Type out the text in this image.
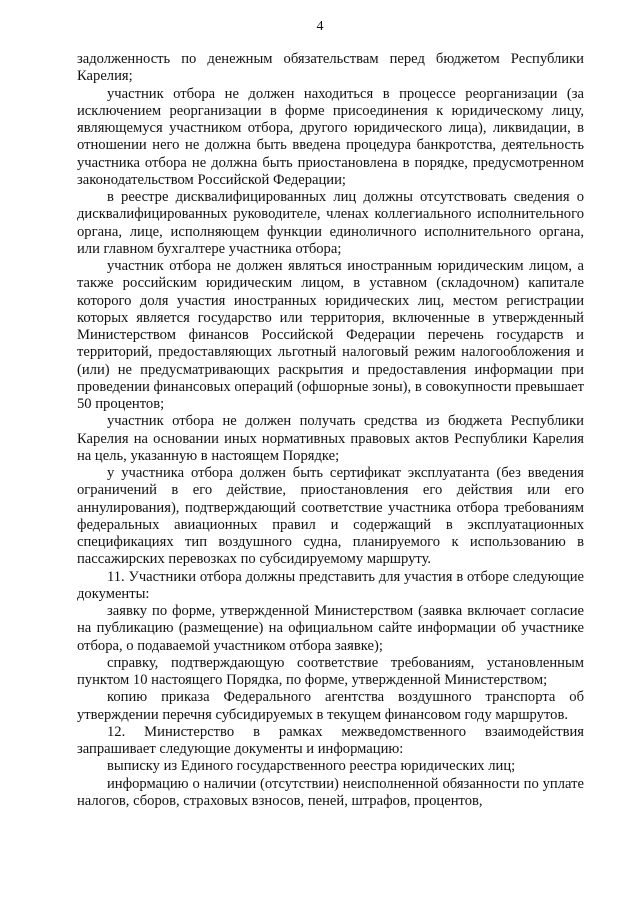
4

задолженность по денежным обязательствам перед бюджетом Республики Карелия;

участник отбора не должен находиться в процессе реорганизации (за исключением реорганизации в форме присоединения к юридическому лицу, являющемуся участником отбора, другого юридического лица), ликвидации, в отношении него не должна быть введена процедура банкротства, деятельность участника отбора не должна быть приостановлена в порядке, предусмотренном законодательством Российской Федерации;

в реестре дисквалифицированных лиц должны отсутствовать сведения о дисквалифицированных руководителе, членах коллегиального исполнительного органа, лице, исполняющем функции единоличного исполнительного органа, или главном бухгалтере участника отбора;

участник отбора не должен являться иностранным юридическим лицом, а также российским юридическим лицом, в уставном (складочном) капитале которого доля участия иностранных юридических лиц, местом регистрации которых является государство или территория, включенные в утвержденный Министерством финансов Российской Федерации перечень государств и территорий, предоставляющих льготный налоговый режим налогообложения и (или) не предусматривающих раскрытия и предоставления информации при проведении финансовых операций (офшорные зоны), в совокупности превышает 50 процентов;

участник отбора не должен получать средства из бюджета Республики Карелия на основании иных нормативных правовых актов Республики Карелия на цель, указанную в настоящем Порядке;

у участника отбора должен быть сертификат эксплуатанта (без введения ограничений в его действие, приостановления его действия или его аннулирования), подтверждающий соответствие участника отбора требованиям федеральных авиационных правил и содержащий в эксплуатационных спецификациях тип воздушного судна, планируемого к использованию в пассажирских перевозках по субсидируемому маршруту.

11. Участники отбора должны представить для участия в отборе следующие документы:

заявку по форме, утвержденной Министерством (заявка включает согласие на публикацию (размещение) на официальном сайте информации об участнике отбора, о подаваемой участником отбора заявке);

справку, подтверждающую соответствие требованиям, установленным пунктом 10 настоящего Порядка, по форме, утвержденной Министерством;

копию приказа Федерального агентства воздушного транспорта об утверждении перечня субсидируемых в текущем финансовом году маршрутов.

12. Министерство в рамках межведомственного взаимодействия запрашивает следующие документы и информацию:

выписку из Единого государственного реестра юридических лиц;

информацию о наличии (отсутствии) неисполненной обязанности по уплате налогов, сборов, страховых взносов, пеней, штрафов, процентов,
